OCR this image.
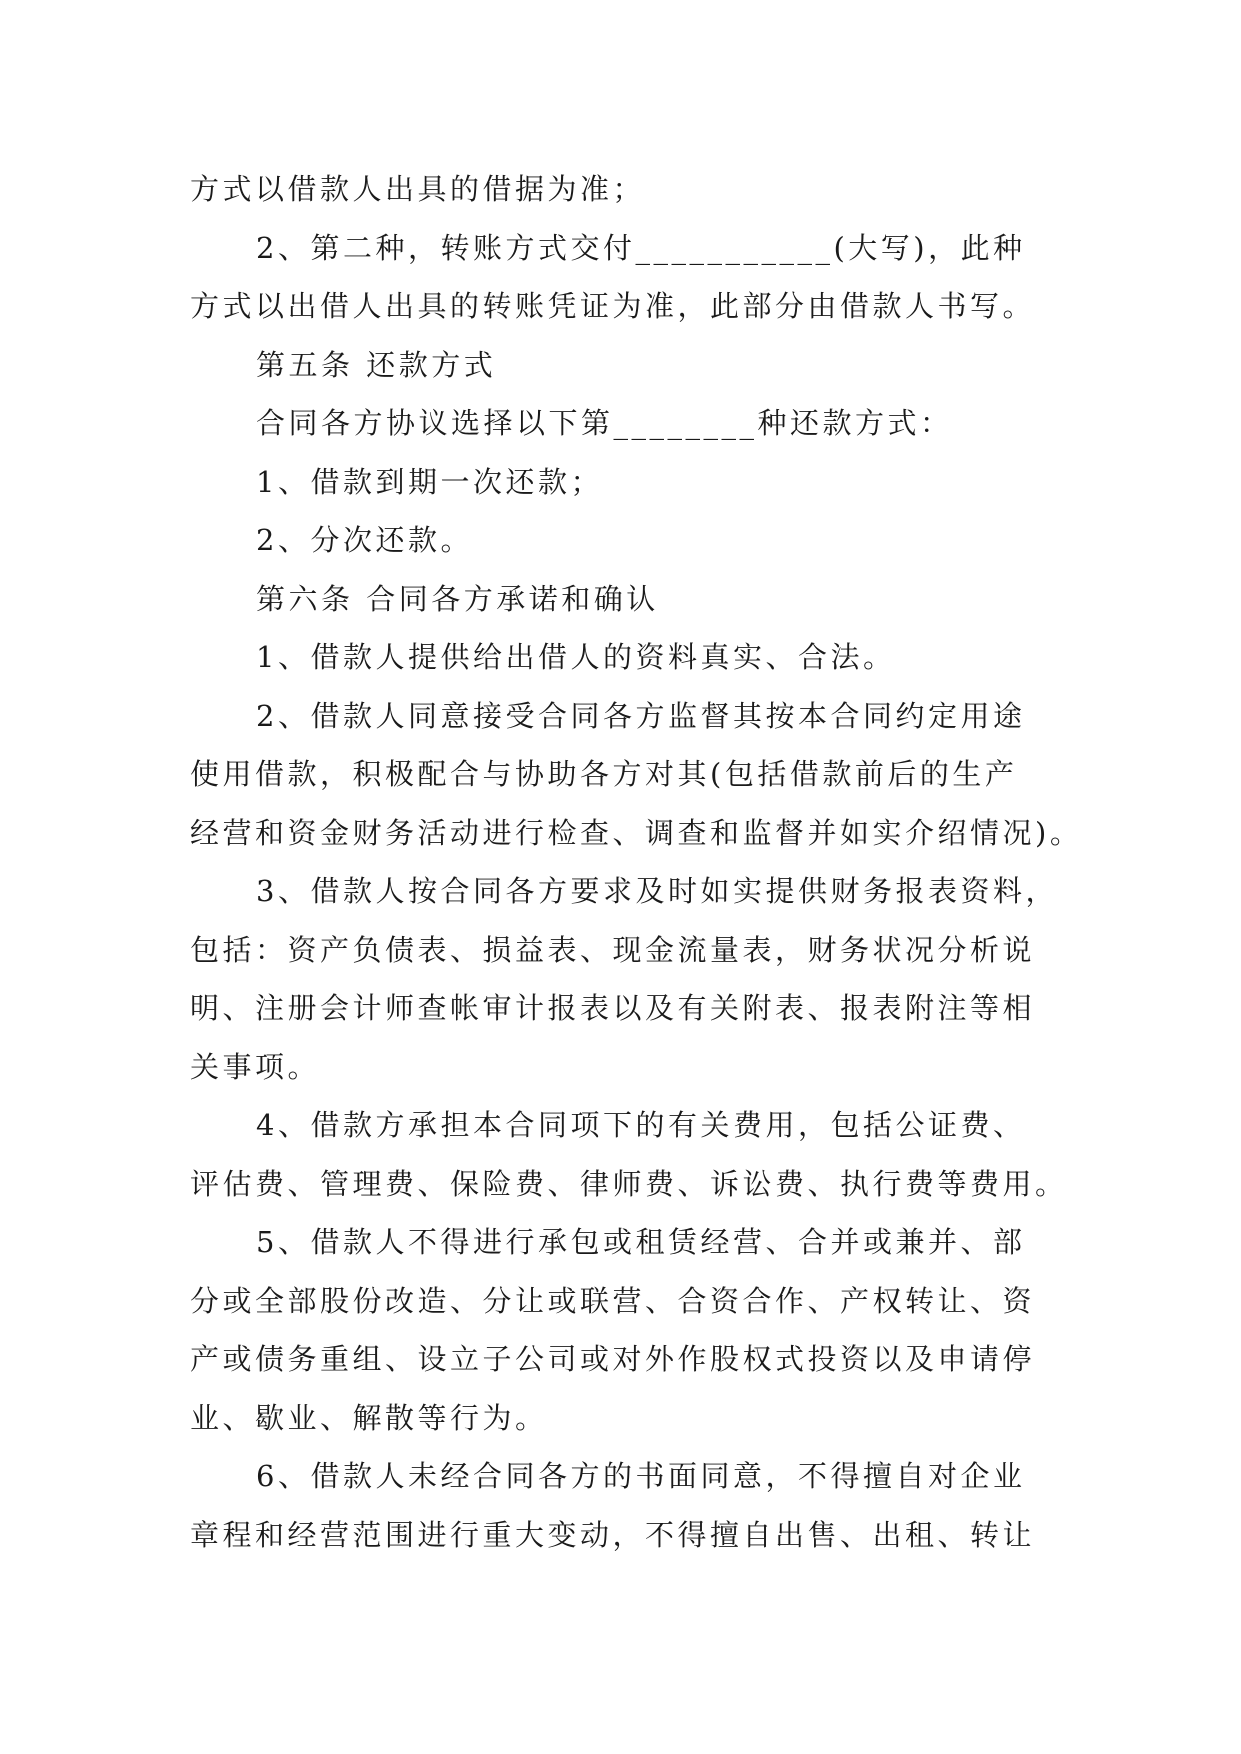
方式以借款人出具的借据为准；
2、第二种，转账方式交付___________(大写)，此种
方式以出借人出具的转账凭证为准，此部分由借款人书写。
第五条 还款方式
合同各方协议选择以下第________种还款方式：
1、借款到期一次还款；
2、分次还款。
第六条 合同各方承诺和确认
1、借款人提供给出借人的资料真实、合法。
2、借款人同意接受合同各方监督其按本合同约定用途
使用借款，积极配合与协助各方对其(包括借款前后的生产
经营和资金财务活动进行检查、调查和监督并如实介绍情况)。
3、借款人按合同各方要求及时如实提供财务报表资料，
包括：资产负债表、损益表、现金流量表，财务状况分析说
明、注册会计师查帐审计报表以及有关附表、报表附注等相
关事项。
4、借款方承担本合同项下的有关费用，包括公证费、
评估费、管理费、保险费、律师费、诉讼费、执行费等费用。
5、借款人不得进行承包或租赁经营、合并或兼并、部
分或全部股份改造、分让或联营、合资合作、产权转让、资
产或债务重组、设立子公司或对外作股权式投资以及申请停
业、歇业、解散等行为。
6、借款人未经合同各方的书面同意，不得擅自对企业
章程和经营范围进行重大变动，不得擅自出售、出租、转让
